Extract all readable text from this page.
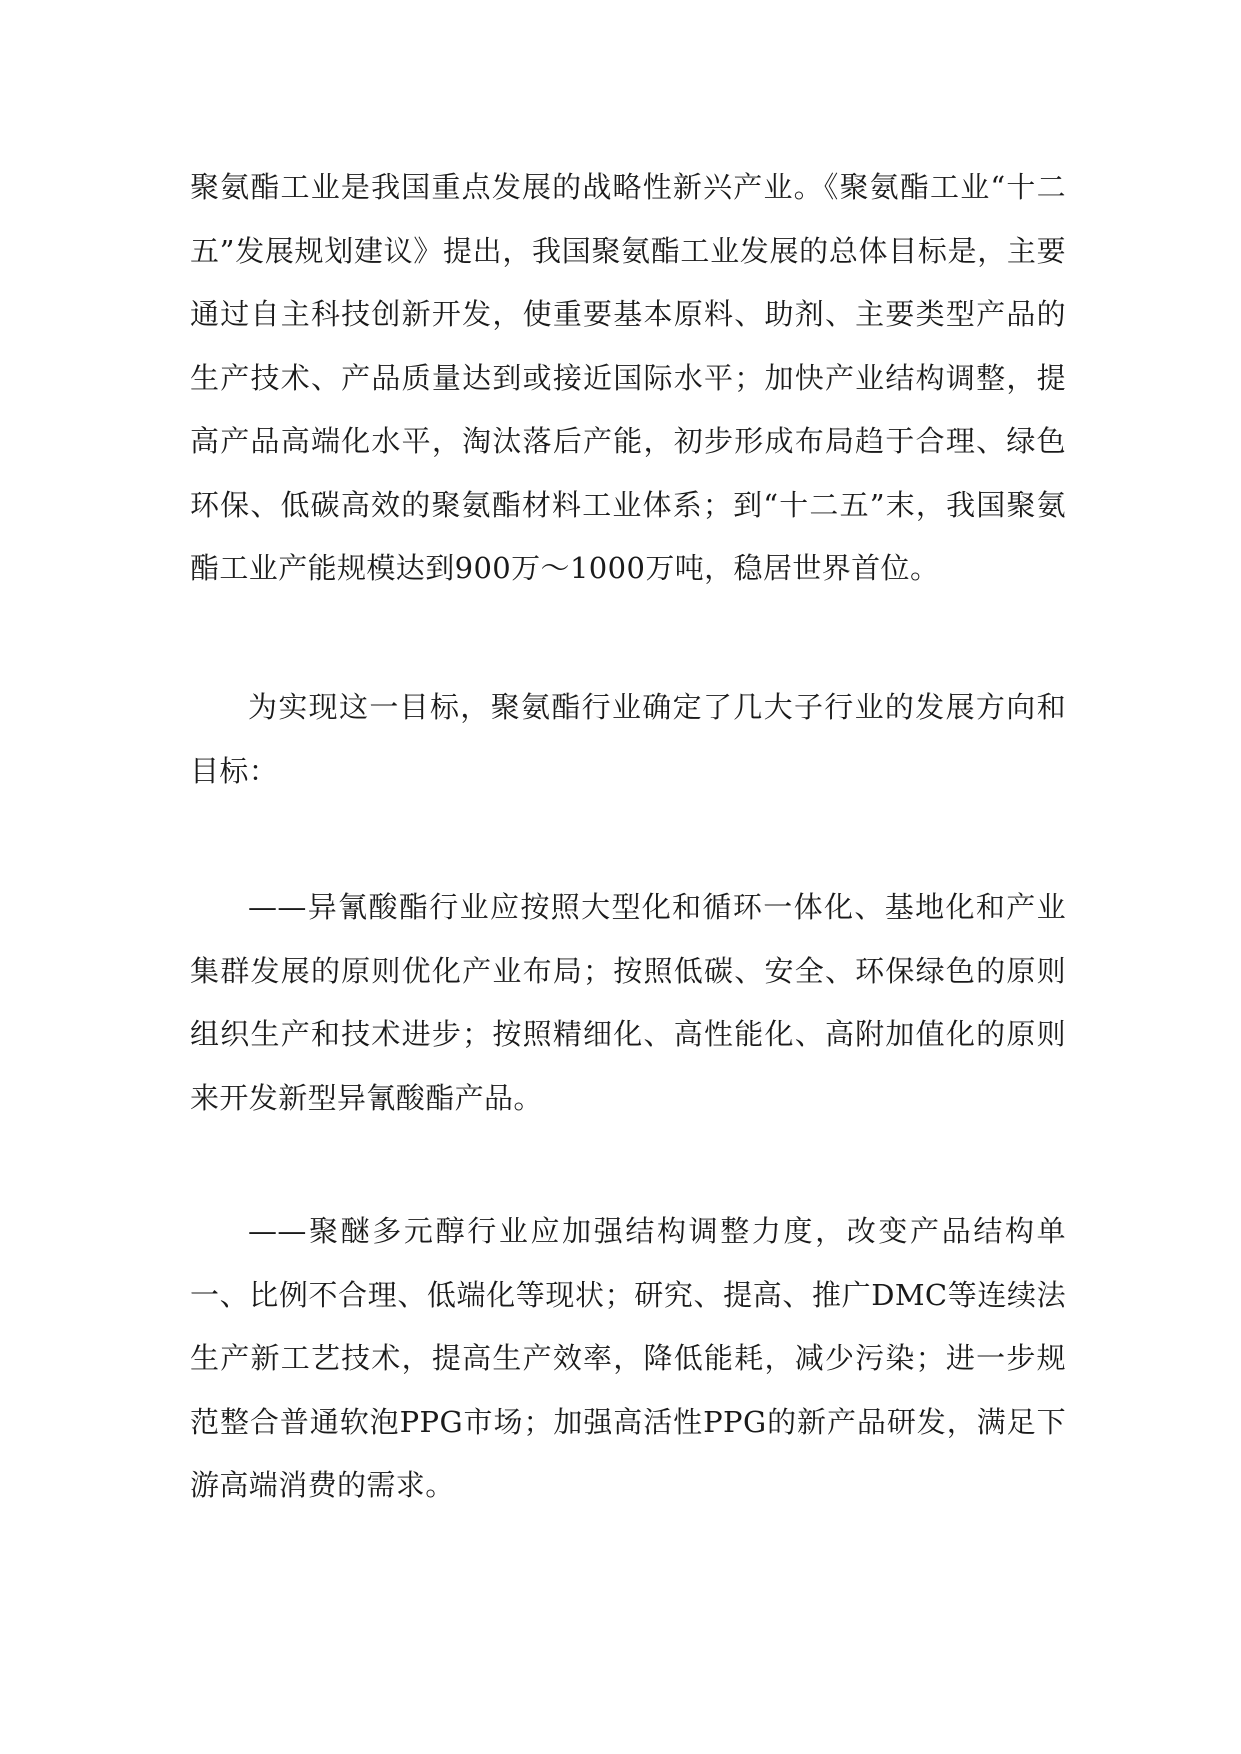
聚氨酯工业是我国重点发展的战略性新兴产业。《聚氨酯工业“十二五”发展规划建议》提出，我国聚氨酯工业发展的总体目标是，主要通过自主科技创新开发，使重要基本原料、助剂、主要类型产品的生产技术、产品质量达到或接近国际水平；加快产业结构调整，提高产品高端化水平，淘汰落后产能，初步形成布局趋于合理、绿色环保、低碳高效的聚氨酯材料工业体系；到“十二五”末，我国聚氨酯工业产能规模达到900万～1000万吨，稳居世界首位。

为实现这一目标，聚氨酯行业确定了几大子行业的发展方向和目标：

——异氰酸酯行业应按照大型化和循环一体化、基地化和产业集群发展的原则优化产业布局；按照低碳、安全、环保绿色的原则组织生产和技术进步；按照精细化、高性能化、高附加值化的原则来开发新型异氰酸酯产品。

——聚醚多元醇行业应加强结构调整力度，改变产品结构单一、比例不合理、低端化等现状；研究、提高、推广DMC等连续法生产新工艺技术，提高生产效率，降低能耗，减少污染；进一步规范整合普通软泡PPG市场；加强高活性PPG的新产品研发，满足下游高端消费的需求。
